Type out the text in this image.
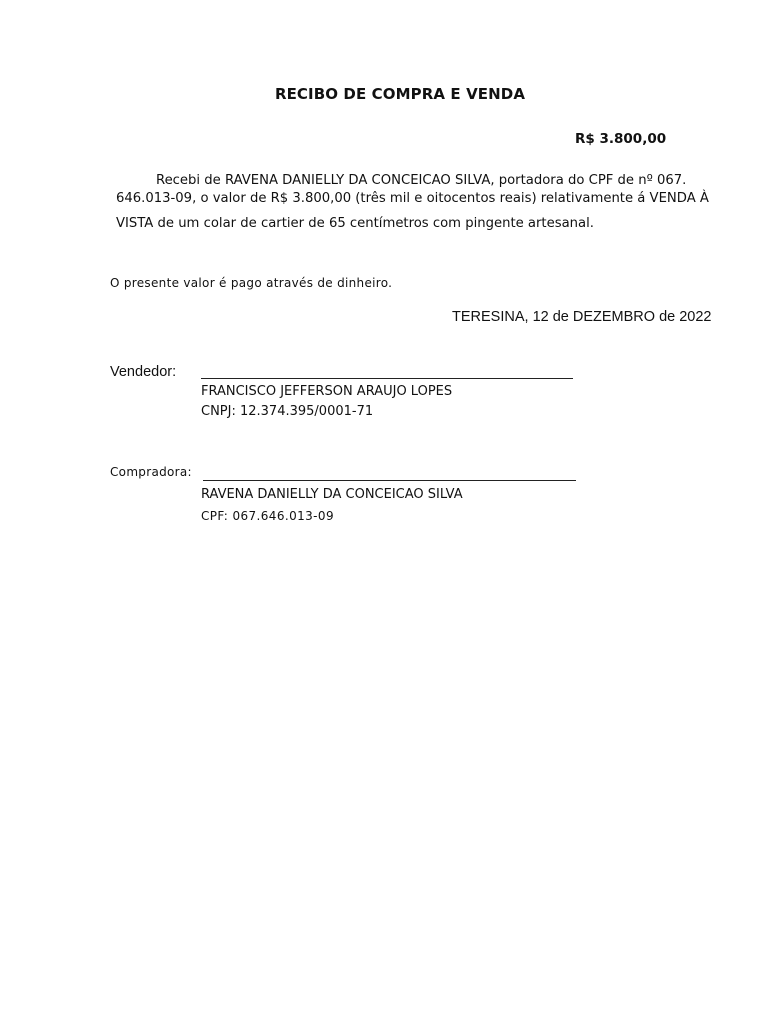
RECIBO DE COMPRA E VENDA
R$ 3.800,00
Recebi de RAVENA DANIELLY DA CONCEICAO SILVA, portadora do CPF de nº 067.
646.013-09, o valor de R$ 3.800,00 (três mil e oitocentos reais) relativamente á VENDA À
VISTA de um colar de cartier de 65 centímetros com pingente artesanal.
O presente valor é pago através de dinheiro.
TERESINA, 12 de DEZEMBRO de 2022
Vendedor:
FRANCISCO JEFFERSON ARAUJO LOPES
CNPJ: 12.374.395/0001-71
Compradora:
RAVENA DANIELLY DA CONCEICAO SILVA
CPF: 067.646.013-09
